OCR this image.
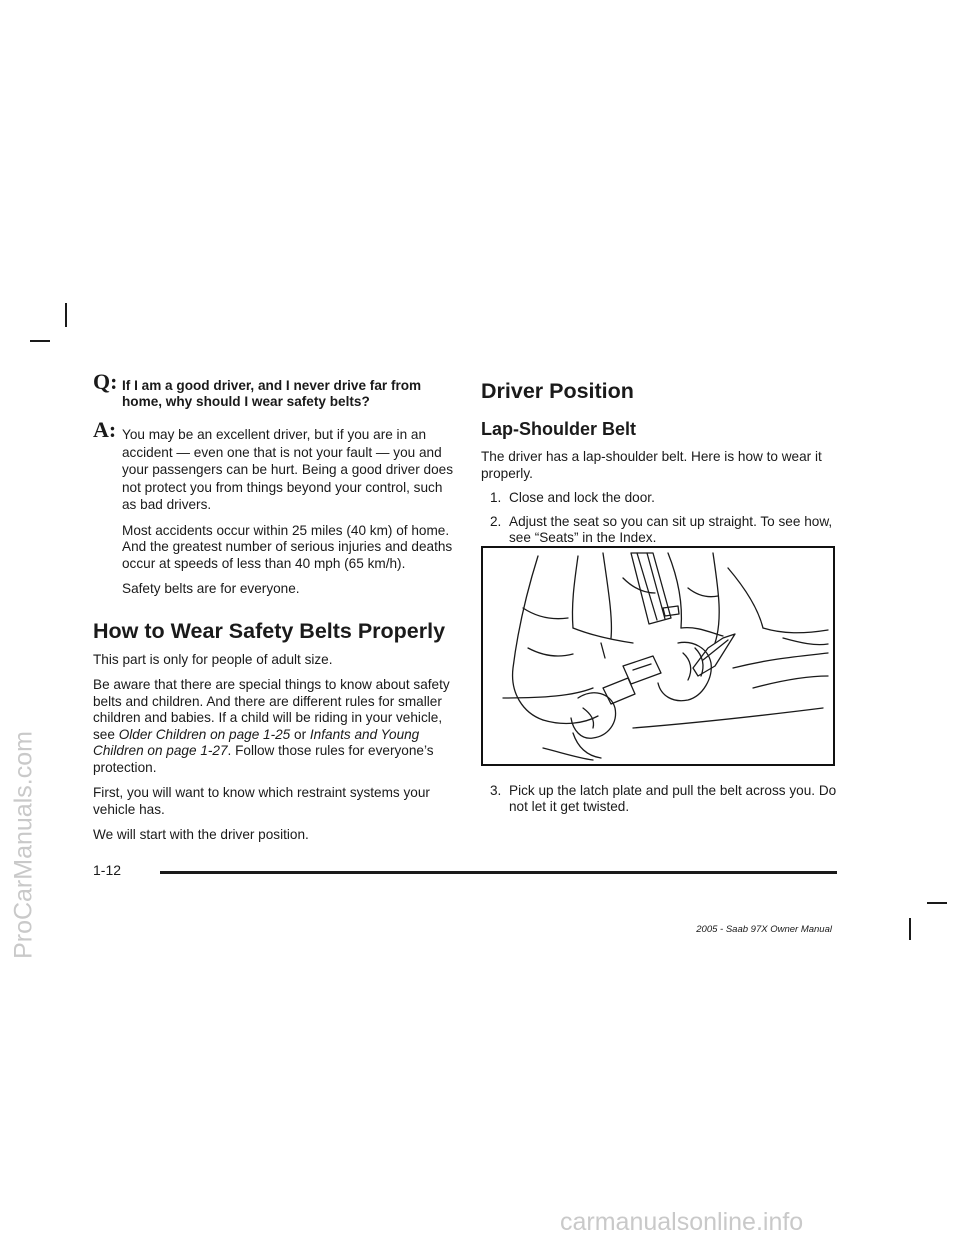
ProCarManuals.com
carmanualsonline.info
Q: If I am a good driver, and I never drive far from home, why should I wear safety belts?
A: You may be an excellent driver, but if you are in an accident — even one that is not your fault — you and your passengers can be hurt. Being a good driver does not protect you from things beyond your control, such as bad drivers.

Most accidents occur within 25 miles (40 km) of home. And the greatest number of serious injuries and deaths occur at speeds of less than 40 mph (65 km/h).

Safety belts are for everyone.

How to Wear Safety Belts Properly

This part is only for people of adult size.

Be aware that there are special things to know about safety belts and children. And there are different rules for smaller children and babies. If a child will be riding in your vehicle, see Older Children on page 1-25 or Infants and Young Children on page 1-27. Follow those rules for everyone’s protection.

First, you will want to know which restraint systems your vehicle has.

We will start with the driver position.

Driver Position
Lap-Shoulder Belt

The driver has a lap-shoulder belt. Here is how to wear it properly.

1. Close and lock the door.
2. Adjust the seat so you can sit up straight. To see how, see “Seats” in the Index.
3. Pick up the latch plate and pull the belt across you. Do not let it get twisted.
1-12
2005 - Saab 97X Owner Manual
